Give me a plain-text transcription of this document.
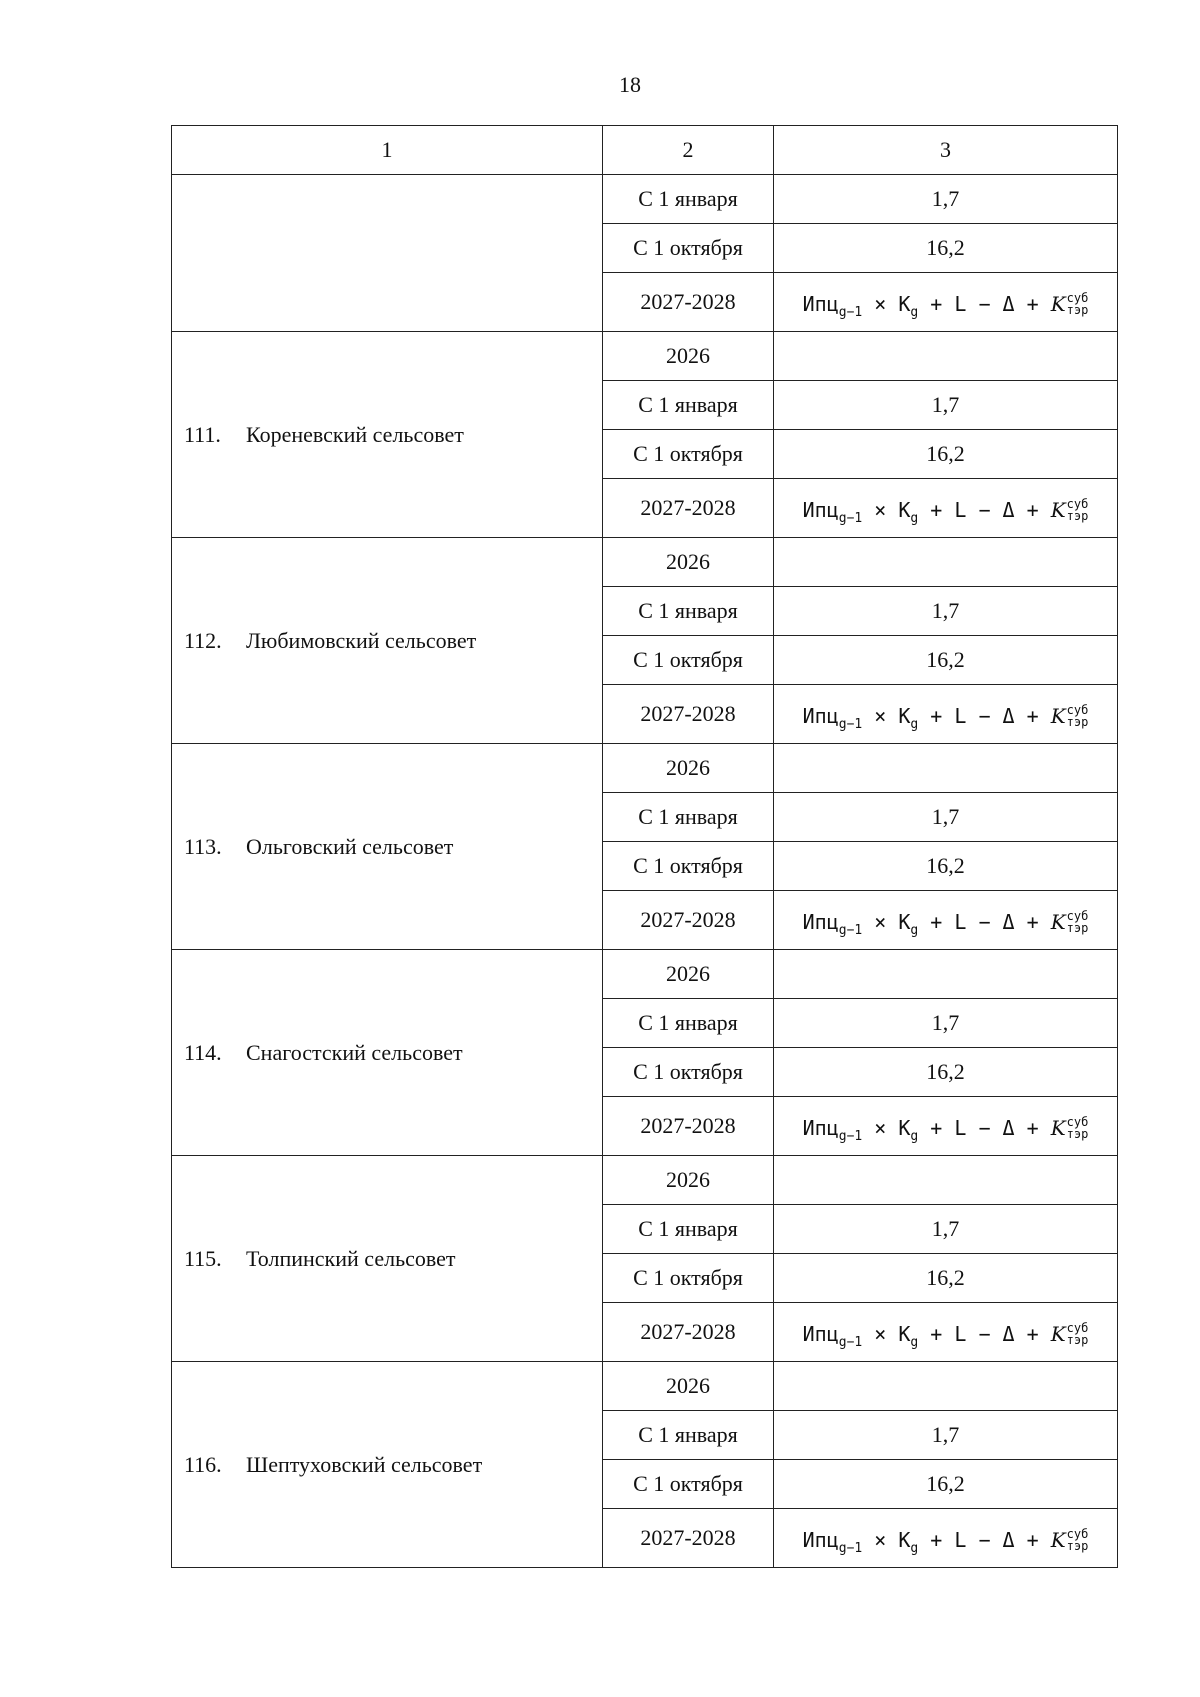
18
1	2	3
	С 1 января	1,7
	С 1 октября	16,2
	2027-2028	$Ипц_{g-1} \times К_g + L - \Delta + K$ суб
тэр

111. Кореневский сельсовет	2026	
	С 1 января	1,7
	С 1 октября	16,2
	2027-2028	$Ипц_{g-1} \times К_g + L - \Delta + K$ суб
тэр

112. Любимовский сельсовет	2026	
	С 1 января	1,7
	С 1 октября	16,2
	2027-2028	$Ипц_{g-1} \times К_g + L - \Delta + K$ суб
тэр

113. Ольговский сельсовет	2026	
	С 1 января	1,7
	С 1 октября	16,2
	2027-2028	$Ипц_{g-1} \times К_g + L - \Delta + K$ суб
тэр

114. Снагостский сельсовет	2026	
	С 1 января	1,7
	С 1 октября	16,2
	2027-2028	$Ипц_{g-1} \times К_g + L - \Delta + K$ суб
тэр

115. Толпинский сельсовет	2026	
	С 1 января	1,7
	С 1 октября	16,2
	2027-2028	$Ипц_{g-1} \times К_g + L - \Delta + K$ суб
тэр

116. Шептуховский сельсовет	2026	
	С 1 января	1,7
	С 1 октября	16,2
	2027-2028	$Ипц_{g-1} \times К_g + L - \Delta + K$ суб
тэр
